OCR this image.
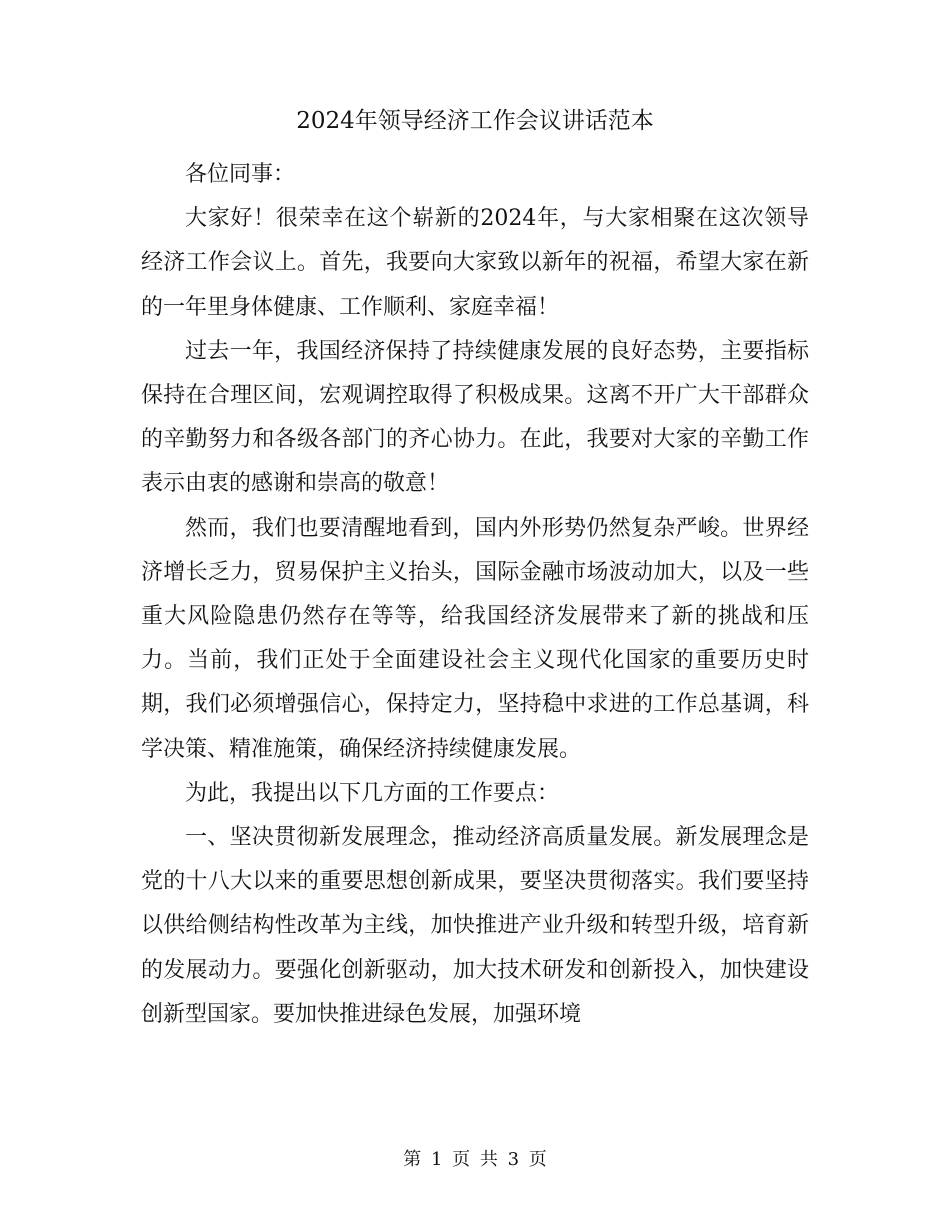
2024年领导经济工作会议讲话范本

各位同事：

大家好！很荣幸在这个崭新的2024年，与大家相聚在这次领导经济工作会议上。首先，我要向大家致以新年的祝福，希望大家在新的一年里身体健康、工作顺利、家庭幸福！

过去一年，我国经济保持了持续健康发展的良好态势，主要指标保持在合理区间，宏观调控取得了积极成果。这离不开广大干部群众的辛勤努力和各级各部门的齐心协力。在此，我要对大家的辛勤工作表示由衷的感谢和崇高的敬意！

然而，我们也要清醒地看到，国内外形势仍然复杂严峻。世界经济增长乏力，贸易保护主义抬头，国际金融市场波动加大，以及一些重大风险隐患仍然存在等等，给我国经济发展带来了新的挑战和压力。当前，我们正处于全面建设社会主义现代化国家的重要历史时期，我们必须增强信心，保持定力，坚持稳中求进的工作总基调，科学决策、精准施策，确保经济持续健康发展。

为此，我提出以下几方面的工作要点：

一、坚决贯彻新发展理念，推动经济高质量发展。新发展理念是党的十八大以来的重要思想创新成果，要坚决贯彻落实。我们要坚持以供给侧结构性改革为主线，加快推进产业升级和转型升级，培育新的发展动力。要强化创新驱动，加大技术研发和创新投入，加快建设创新型国家。要加快推进绿色发展，加强环境

第 1 页 共 3 页
